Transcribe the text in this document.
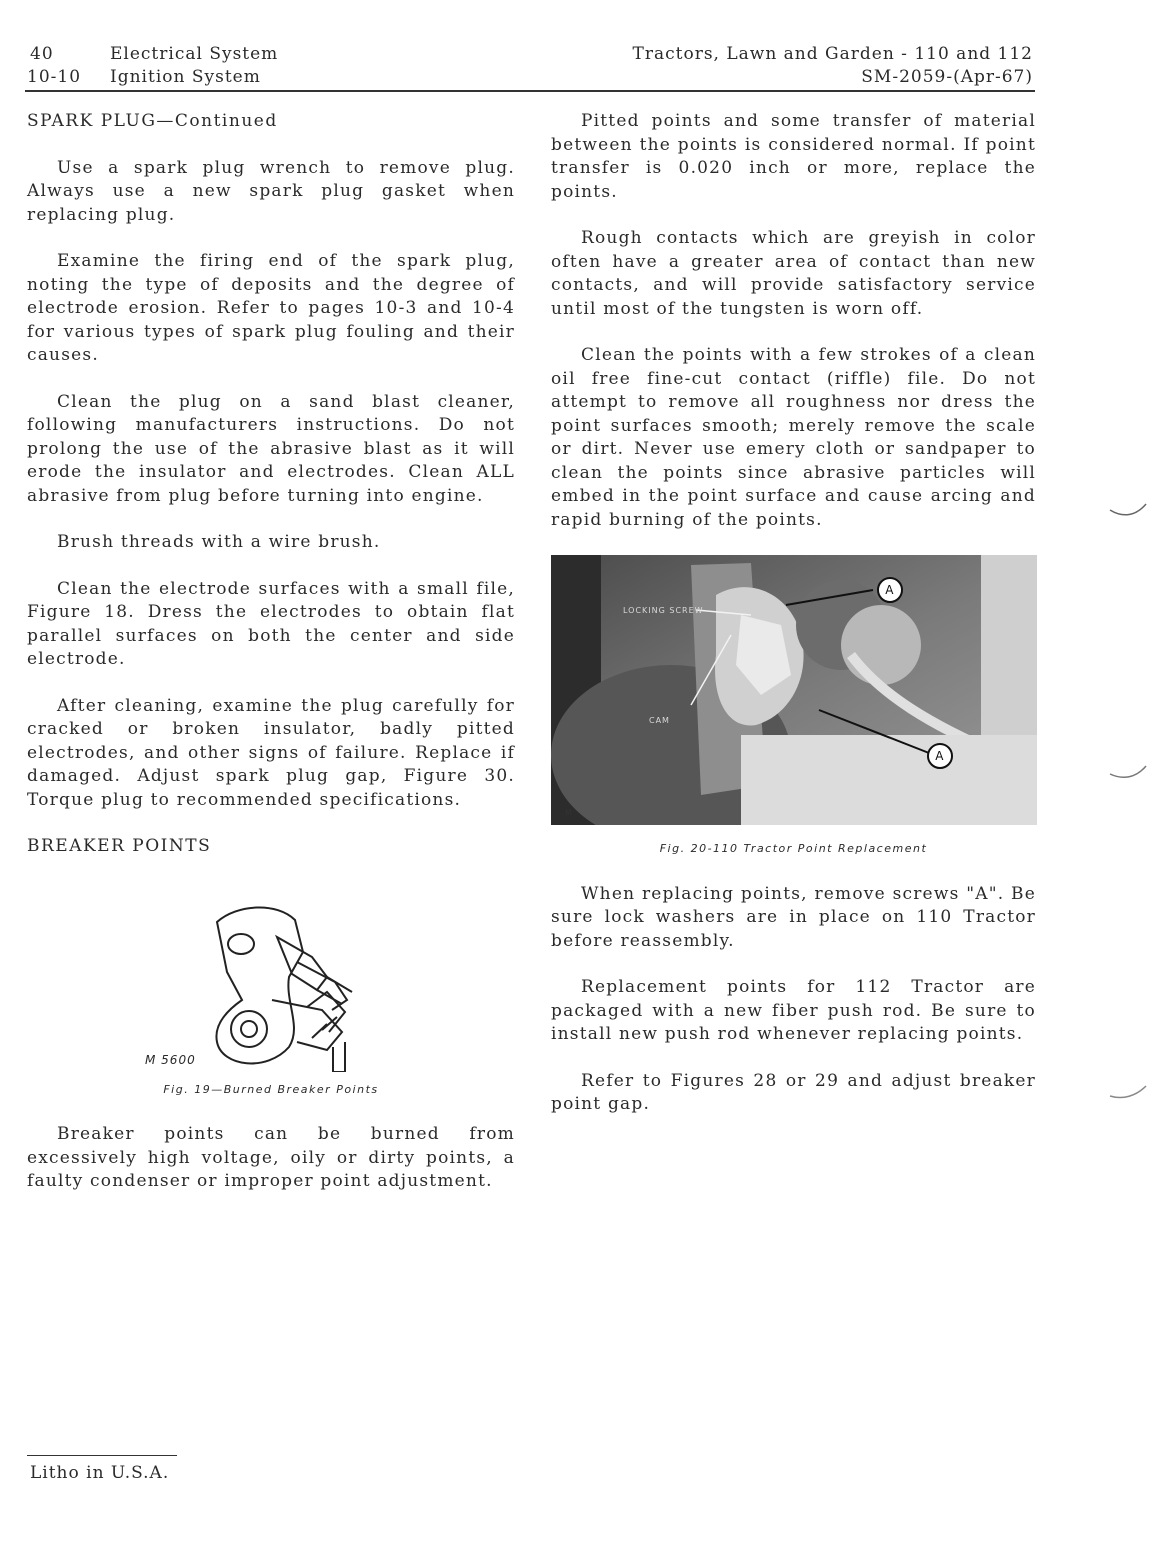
40	Electrical System
10-10 Ignition System
Tractors, Lawn and Garden - 110 and 112
SM-2059-(Apr-67)
SPARK PLUG—Continued

Use a spark plug wrench to remove plug. Always use a new spark plug gasket when replacing plug.

Examine the firing end of the spark plug, noting the type of deposits and the degree of electrode erosion. Refer to pages 10-3 and 10-4 for various types of spark plug fouling and their causes.

Clean the plug on a sand blast cleaner, following manufacturers instructions. Do not prolong the use of the abrasive blast as it will erode the insulator and electrodes. Clean ALL abrasive from plug before turning into engine.

Brush threads with a wire brush.

Clean the electrode surfaces with a small file, Figure 18. Dress the electrodes to obtain flat parallel surfaces on both the center and side electrode.

After cleaning, examine the plug carefully for cracked or broken insulator, badly pitted electrodes, and other signs of failure. Replace if damaged. Adjust spark plug gap, Figure 30. Torque plug to recommended specifications.

BREAKER POINTS
M 5600
Fig. 19—Burned Breaker Points

Breaker points can be burned from excessively high voltage, oily or dirty points, a faulty condenser or improper point adjustment.

Pitted points and some transfer of material between the points is considered normal. If point transfer is 0.020 inch or more, replace the points.

Rough contacts which are greyish in color often have a greater area of contact than new contacts, and will provide satisfactory service until most of the tungsten is worn off.

Clean the points with a few strokes of a clean oil free fine-cut contact (riffle) file. Do not attempt to remove all roughness nor dress the point surfaces smooth; merely remove the scale or dirt. Never use emery cloth or sandpaper to clean the points since abrasive particles will embed in the point surface and cause arcing and rapid burning of the points.

A
A
LOCKING SCREW
CAM
M
Fig. 20-110 Tractor Point Replacement

When replacing points, remove screws "A". Be sure lock washers are in place on 110 Tractor before reassembly.

Replacement points for 112 Tractor are packaged with a new fiber push rod. Be sure to install new push rod whenever replacing points.

Refer to Figures 28 or 29 and adjust breaker point gap.

Litho in U.S.A.
